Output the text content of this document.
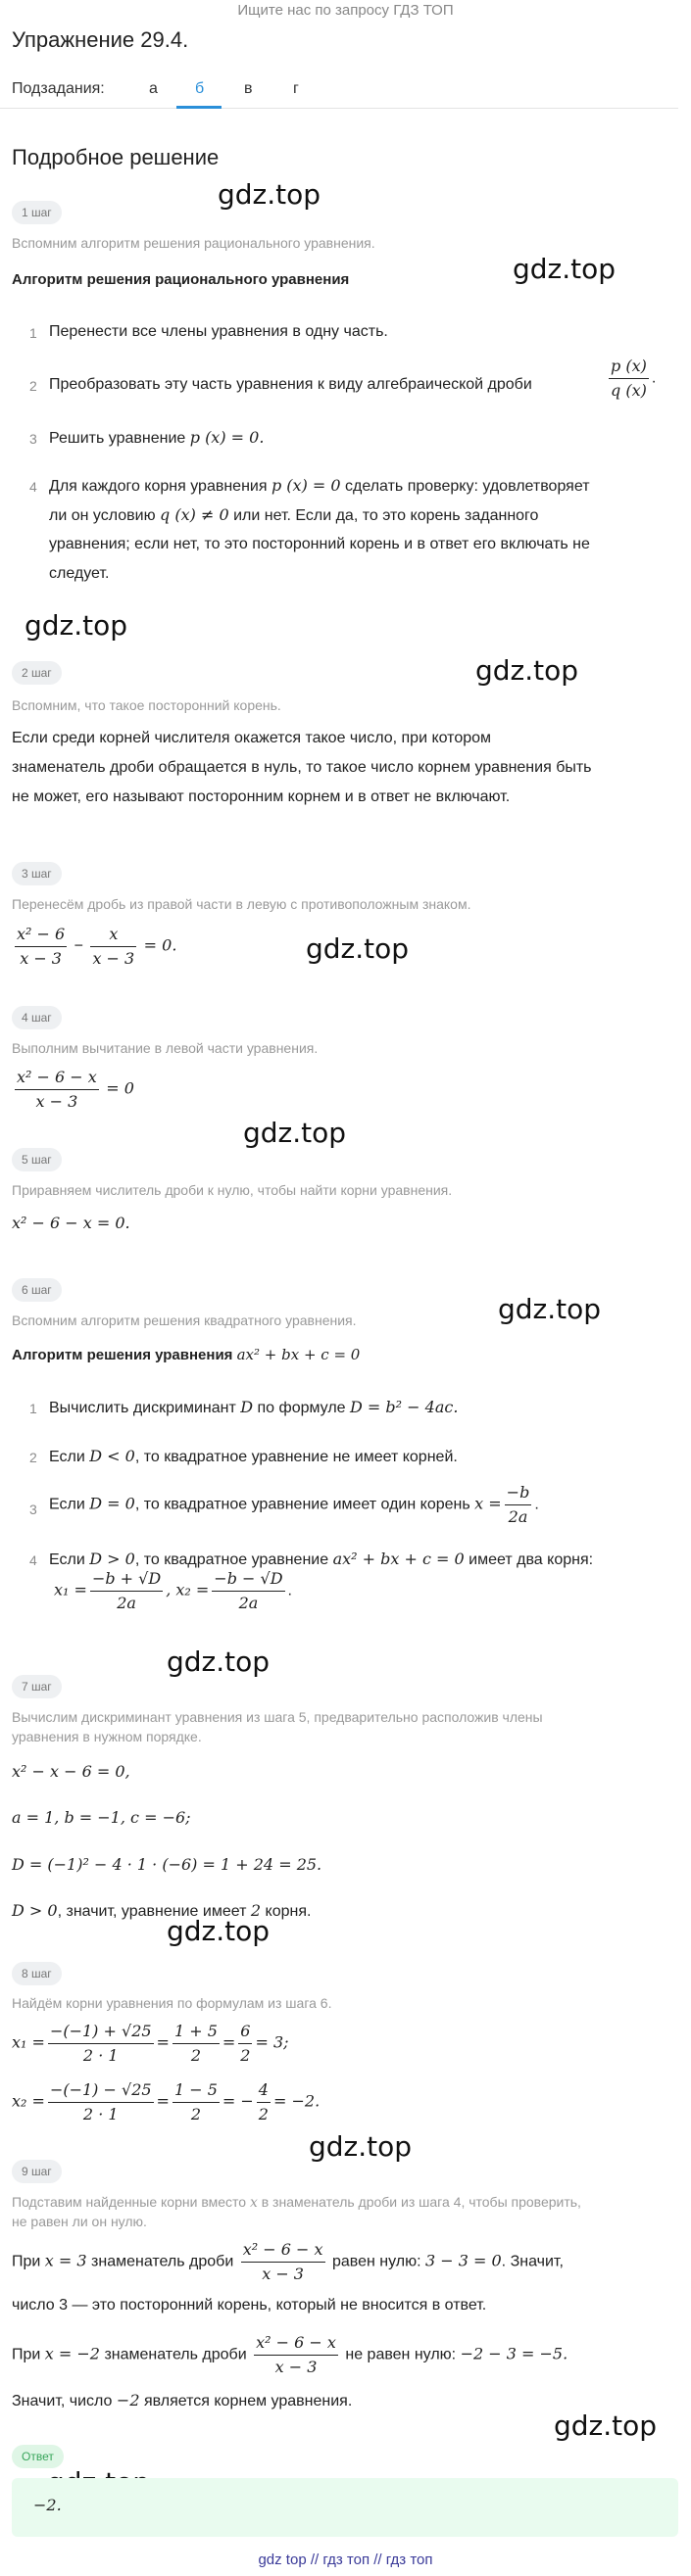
Ищите нас по запросу ГДЗ ТОП
Упражнение 29.4.
Подзадания:	а б	в	г
Подробное решение
gdz.top
gdz.top
gdz.top
gdz.top
gdz.top
gdz.top
gdz.top
gdz.top
gdz.top
gdz.top
gdz.top
1 шаг
Вспомним алгоритм решения рационального уравнения.
Алгоритм решения рационального уравнения
1 Перенести все члены уравнения в одну часть.
2 Преобразовать эту часть уравнения к виду алгебраической дроби	$\frac{p (x)}{q (x)}$ .
3 Решить уравнение p (x) = 0.
4 Для каждого корня уравнения p (x) = 0 сделать проверку: удовлетворяет
ли он условию q (x) ≠ 0 или нет. Если да, то это корень заданного
уравнения; если нет, то это посторонний корень и в ответ его включать не
следует.
2 шаг
Вспомним, что такое посторонний корень.
Если среди корней числителя окажется такое число, при котором
знаменатель дроби обращается в нуль, то такое число корнем уравнения быть
не может, его называют посторонним корнем и в ответ не включают.
3 шаг
Перенесём дробь из правой части в левую с противоположным знаком.
$\frac{\text{x² − 6}}{x - 3} - \frac{x}{x - 3} = 0$.
4 шаг
Выполним вычитание в левой части уравнения.
$\frac{\text{x² − 6 − x}}{x - 3} = 0$
5 шаг
Приравняем числитель дроби к нулю, чтобы найти корни уравнения.
x² − 6 − x = 0.
6 шаг
Вспомним алгоритм решения квадратного уравнения.
Алгоритм решения уравнения ax² + bx + c = 0
1 Вычислить дискриминант D по формуле D = b² − 4ac.
2 Если D < 0, то квадратное уравнение не имеет корней.
3 Если D = 0, то квадратное уравнение имеет один корень $x = \frac{-b}{2a}$ .
4 Если D > 0, то квадратное уравнение ax² + bx + c = 0 имеет два корня:
$x_1 = \frac{-b + √D}{2a}$ , $x_2 = \frac{-b - √D}{2a}$ .
7 шаг
Вычислим дискриминант уравнения из шага 5, предварительно расположив члены
уравнения в нужном порядке.
x² − x − 6 = 0,
a = 1, b = −1, c = −6;
D = (−1)² − 4 · 1 · (−6) = 1 + 24 = 25.
D > 0, значит, уравнение имеет 2 корня.
8 шаг
Найдём корни уравнения по формулам из шага 6.
$x_1 = \frac{-(-1) + √25}{2 \cdot 1} = \frac{1 + 5}{2} = \frac{6}{2} = 3$;
$x_2 = \frac{-(-1) - √25}{2 \cdot 1} = \frac{1 - 5}{2}$ = − $\frac{4}{2} = -2$.
9 шаг
Подставим найденные корни вместо x в знаменатель дроби из шага 4, чтобы проверить,
не равен ли он нулю.
При x = 3 знаменатель дроби $\frac{\text{x² − 6 − x}}{x - 3}$ равен нулю: 3 − 3 = 0. Значит,
число 3 — это посторонний корень, который не вносится в ответ.
При x = −2 знаменатель дроби $\frac{\text{x² − 6 − x}}{x - 3}$ не равен нулю: −2 − 3 = −5.
Значит, число −2 является корнем уравнения.
Ответ
−2.
gdz top // гдз топ // гдз топ
